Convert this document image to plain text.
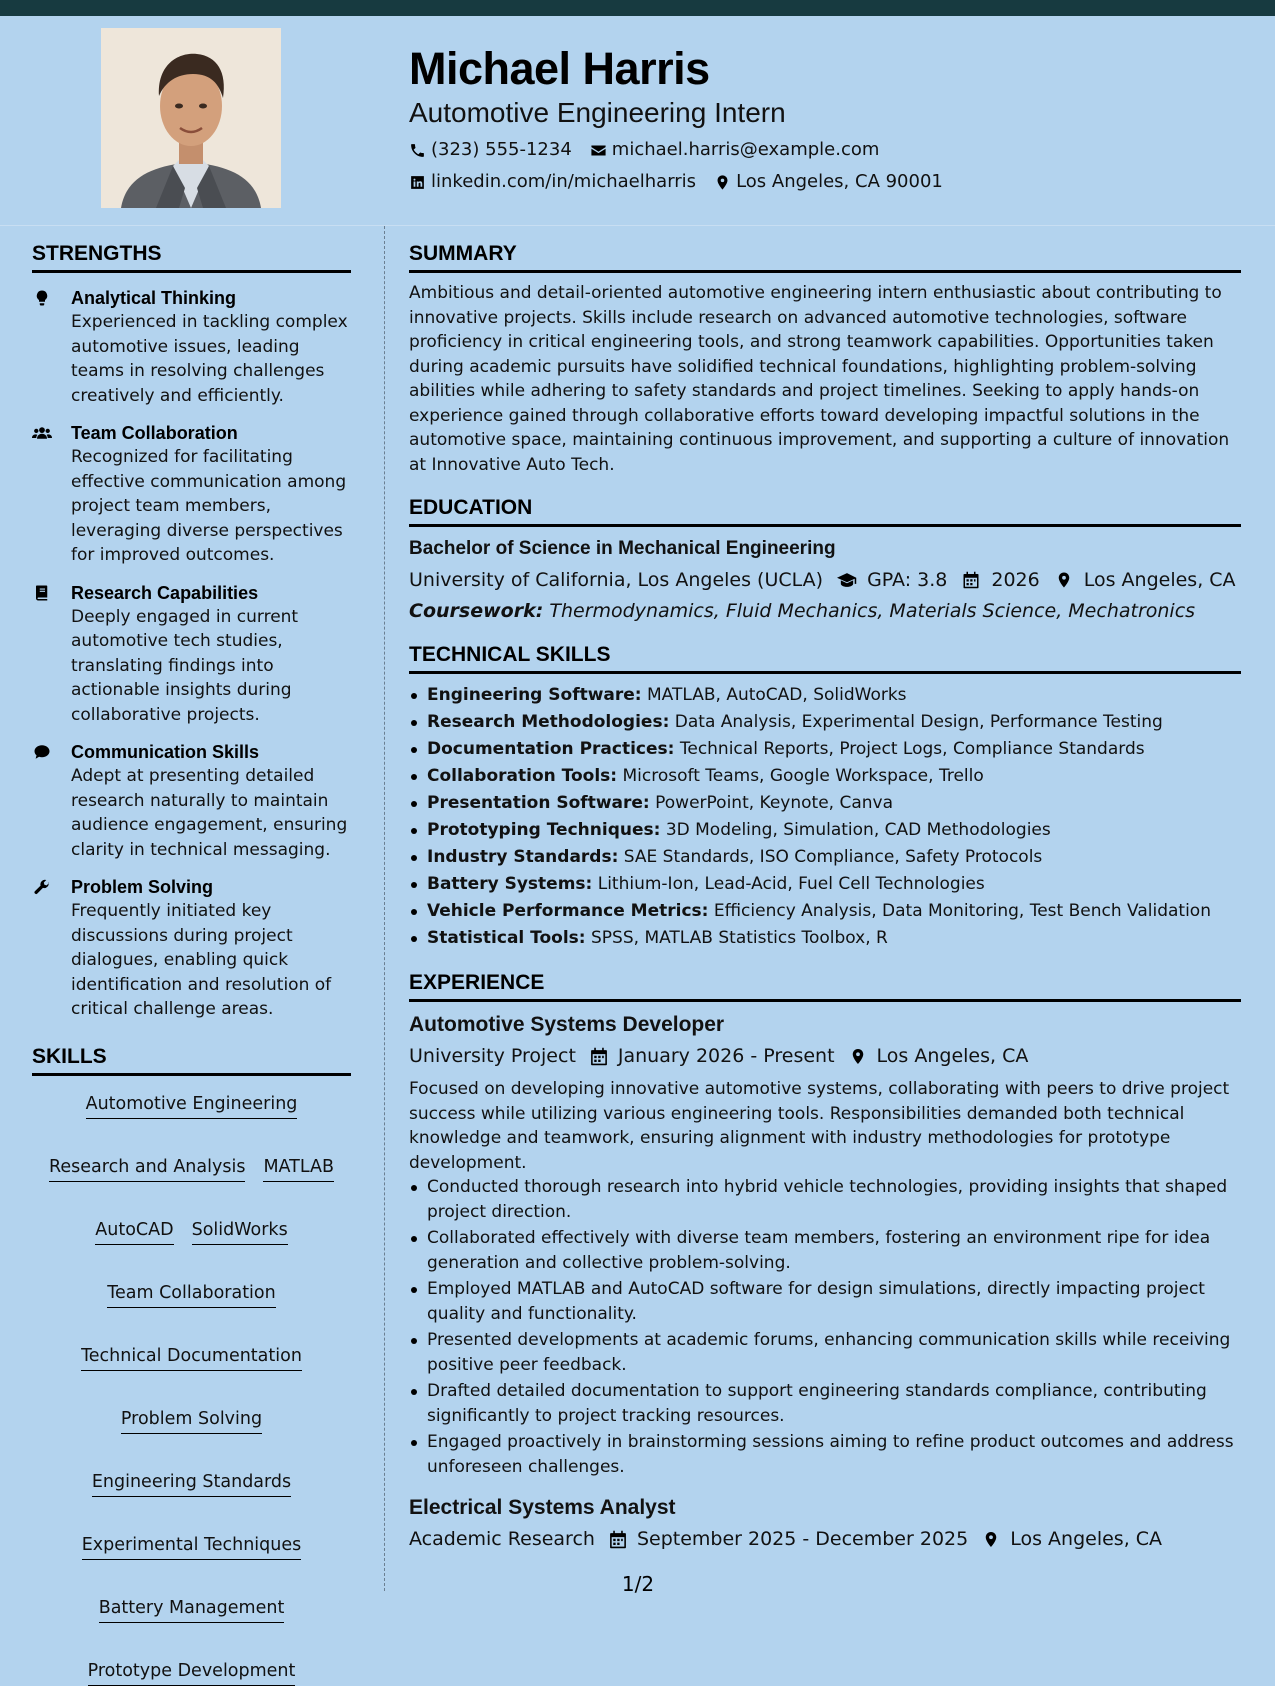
Michael Harris
Automotive Engineering Intern
(323) 555-1234 michael.harris@example.com
linkedin.com/in/michaelharris Los Angeles, CA 90001
STRENGTHS
Analytical Thinking
Experienced in tackling complex automotive issues, leading teams in resolving challenges creatively and efficiently.
Team Collaboration
Recognized for facilitating effective communication among project team members, leveraging diverse perspectives for improved outcomes.
Research Capabilities
Deeply engaged in current automotive tech studies, translating findings into actionable insights during collaborative projects.
Communication Skills
Adept at presenting detailed research naturally to maintain audience engagement, ensuring clarity in technical messaging.
Problem Solving
Frequently initiated key discussions during project dialogues, enabling quick identification and resolution of critical challenge areas.
SKILLS
Automotive Engineering
Research and Analysis MATLAB
AutoCAD SolidWorks
Team Collaboration
Technical Documentation
Problem Solving
Engineering Standards
Experimental Techniques
Battery Management
Prototype Development
SUMMARY
Ambitious and detail-oriented automotive engineering intern enthusiastic about contributing to innovative projects. Skills include research on advanced automotive technologies, software proficiency in critical engineering tools, and strong teamwork capabilities. Opportunities taken during academic pursuits have solidified technical foundations, highlighting problem-solving abilities while adhering to safety standards and project timelines. Seeking to apply hands-on experience gained through collaborative efforts toward developing impactful solutions in the automotive space, maintaining continuous improvement, and supporting a culture of innovation at Innovative Auto Tech.
EDUCATION
Bachelor of Science in Mechanical Engineering
University of California, Los Angeles (UCLA) GPA: 3.8 2026 Los Angeles, CA
Coursework: Thermodynamics, Fluid Mechanics, Materials Science, Mechatronics
TECHNICAL SKILLS
Engineering Software: MATLAB, AutoCAD, SolidWorks
Research Methodologies: Data Analysis, Experimental Design, Performance Testing
Documentation Practices: Technical Reports, Project Logs, Compliance Standards
Collaboration Tools: Microsoft Teams, Google Workspace, Trello
Presentation Software: PowerPoint, Keynote, Canva
Prototyping Techniques: 3D Modeling, Simulation, CAD Methodologies
Industry Standards: SAE Standards, ISO Compliance, Safety Protocols
Battery Systems: Lithium-Ion, Lead-Acid, Fuel Cell Technologies
Vehicle Performance Metrics: Efficiency Analysis, Data Monitoring, Test Bench Validation
Statistical Tools: SPSS, MATLAB Statistics Toolbox, R
EXPERIENCE
Automotive Systems Developer
University Project January 2026 - Present Los Angeles, CA
Focused on developing innovative automotive systems, collaborating with peers to drive project success while utilizing various engineering tools. Responsibilities demanded both technical knowledge and teamwork, ensuring alignment with industry methodologies for prototype development.
Conducted thorough research into hybrid vehicle technologies, providing insights that shaped project direction.
Collaborated effectively with diverse team members, fostering an environment ripe for idea generation and collective problem-solving.
Employed MATLAB and AutoCAD software for design simulations, directly impacting project quality and functionality.
Presented developments at academic forums, enhancing communication skills while receiving positive peer feedback.
Drafted detailed documentation to support engineering standards compliance, contributing significantly to project tracking resources.
Engaged proactively in brainstorming sessions aiming to refine product outcomes and address unforeseen challenges.
Electrical Systems Analyst
Academic Research September 2025 - December 2025 Los Angeles, CA
1/2
